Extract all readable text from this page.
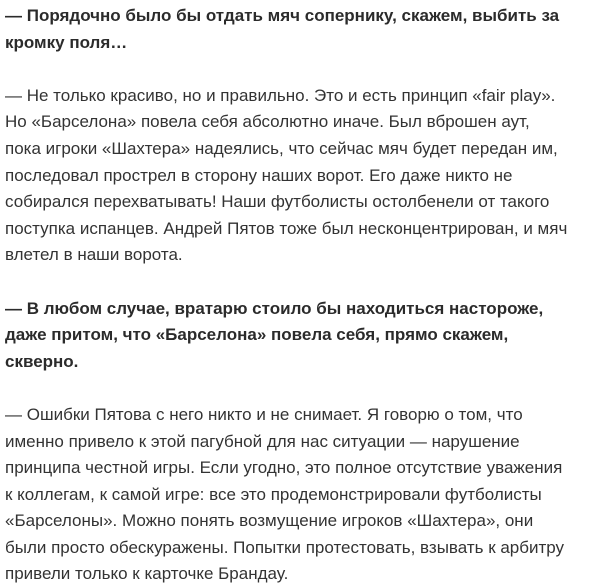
— Порядочно было бы отдать мяч сопернику, скажем, выбить за
кромку поля…

— Не только красиво, но и правильно. Это и есть принцип «fair play».
Но «Барселона» повела себя абсолютно иначе. Был вброшен аут,
пока игроки «Шахтера» надеялись, что сейчас мяч будет передан им,
последовал прострел в сторону наших ворот. Его даже никто не
собирался перехватывать! Наши футболисты остолбенели от такого
поступка испанцев. Андрей Пятов тоже был несконцентрирован, и мяч
влетел в наши ворота.

— В любом случае, вратарю стоило бы находиться настороже,
даже притом, что «Барселона» повела себя, прямо скажем,
скверно.

— Ошибки Пятова с него никто и не снимает. Я говорю о том, что
именно привело к этой пагубной для нас ситуации — нарушение
принципа честной игры. Если угодно, это полное отсутствие уважения
к коллегам, к самой игре: все это продемонстрировали футболисты
«Барселоны». Можно понять возмущение игроков «Шахтера», они
были просто обескуражены. Попытки протестовать, взывать к арбитру
привели только к карточке Брандау.
